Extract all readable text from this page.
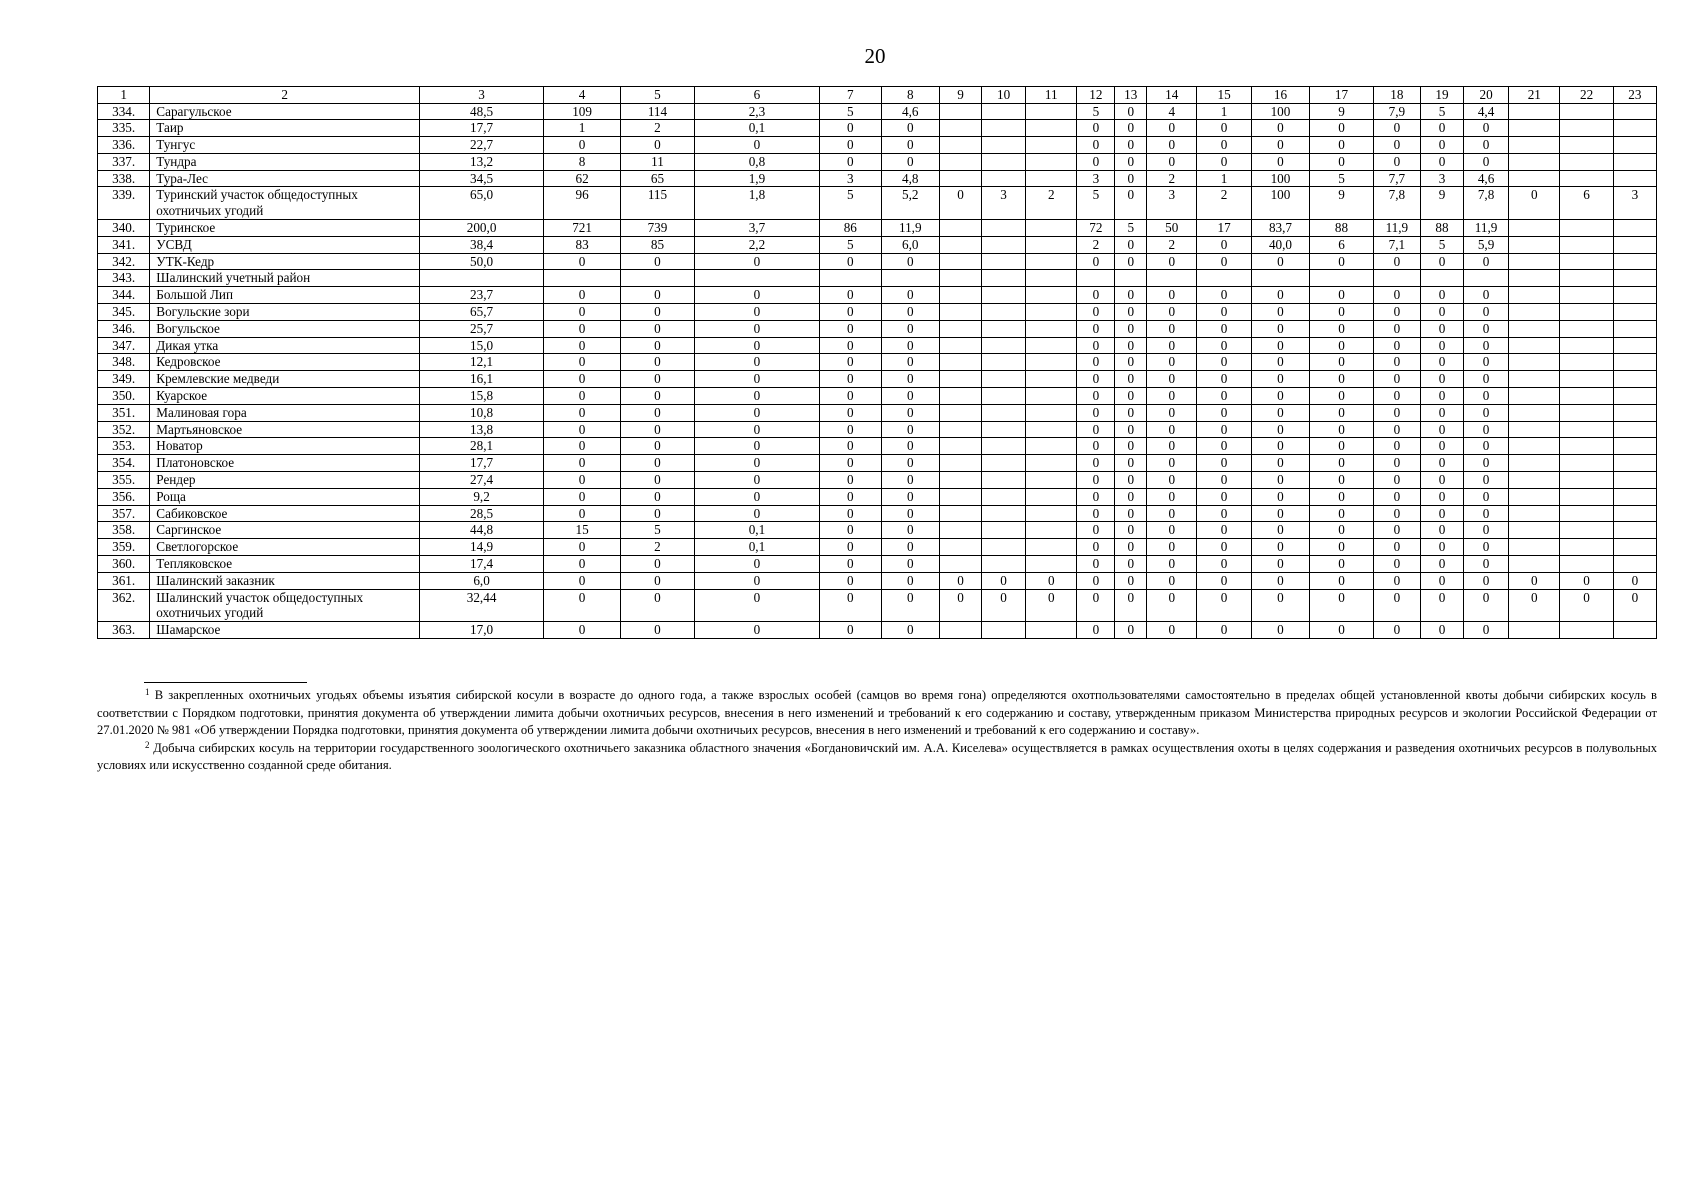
20
1	2	3	4	5	6	7	8	9	10	11	12	13	14	15	16	17	18	19	20	21	22	23
334.	Сарагульское	48,5	109	114	2,3	5	4,6				5	0	4	1	100	9	7,9	5	4,4			
335.	Таир	17,7	1	2	0,1	0	0				0	0	0	0	0	0	0	0	0			
336.	Тунгус	22,7	0	0	0	0	0				0	0	0	0	0	0	0	0	0			
337.	Тундра	13,2	8	11	0,8	0	0				0	0	0	0	0	0	0	0	0			
338.	Тура-Лес	34,5	62	65	1,9	3	4,8				3	0	2	1	100	5	7,7	3	4,6			
339.	Туринский участок общедоступных охотничьих угодий	65,0	96	115	1,8	5	5,2	0	3	2	5	0	3	2	100	9	7,8	9	7,8	0	6	3
340.	Туринское	200,0	721	739	3,7	86	11,9				72	5	50	17	83,7	88	11,9	88	11,9			
341.	УСВД	38,4	83	85	2,2	5	6,0				2	0	2	0	40,0	6	7,1	5	5,9			
342.	УТК-Кедр	50,0	0	0	0	0	0				0	0	0	0	0	0	0	0	0			
343.	Шалинский учетный район																					
344.	Большой Лип	23,7	0	0	0	0	0				0	0	0	0	0	0	0	0	0			
345.	Вогульские зори	65,7	0	0	0	0	0				0	0	0	0	0	0	0	0	0			
346.	Вогульское	25,7	0	0	0	0	0				0	0	0	0	0	0	0	0	0			
347.	Дикая утка	15,0	0	0	0	0	0				0	0	0	0	0	0	0	0	0			
348.	Кедровское	12,1	0	0	0	0	0				0	0	0	0	0	0	0	0	0			
349.	Кремлевские медведи	16,1	0	0	0	0	0				0	0	0	0	0	0	0	0	0			
350.	Куарское	15,8	0	0	0	0	0				0	0	0	0	0	0	0	0	0			
351.	Малиновая гора	10,8	0	0	0	0	0				0	0	0	0	0	0	0	0	0			
352.	Мартьяновское	13,8	0	0	0	0	0				0	0	0	0	0	0	0	0	0			
353.	Новатор	28,1	0	0	0	0	0				0	0	0	0	0	0	0	0	0			
354.	Платоновское	17,7	0	0	0	0	0				0	0	0	0	0	0	0	0	0			
355.	Рендер	27,4	0	0	0	0	0				0	0	0	0	0	0	0	0	0			
356.	Роща	9,2	0	0	0	0	0				0	0	0	0	0	0	0	0	0			
357.	Сабиковское	28,5	0	0	0	0	0				0	0	0	0	0	0	0	0	0			
358.	Саргинское	44,8	15	5	0,1	0	0				0	0	0	0	0	0	0	0	0			
359.	Светлогорское	14,9	0	2	0,1	0	0				0	0	0	0	0	0	0	0	0			
360.	Тепляковское	17,4	0	0	0	0	0				0	0	0	0	0	0	0	0	0			
361.	Шалинский заказник	6,0	0	0	0	0	0	0	0	0	0	0	0	0	0	0	0	0	0	0	0	0
362.	Шалинский участок общедоступных охотничьих угодий	32,44	0	0	0	0	0	0	0	0	0	0	0	0	0	0	0	0	0	0	0	0
363.	Шамарское	17,0	0	0	0	0	0				0	0	0	0	0	0	0	0	0			

$^1$ В закрепленных охотничьих угодьях объемы изъятия сибирской косули в возрасте до одного года, а также взрослых особей (самцов во время гона) определяются охотпользователями самостоятельно в пределах общей установленной квоты добычи сибирских косуль в соответствии с Порядком подготовки, принятия документа об утверждении лимита добычи охотничьих ресурсов, внесения в него изменений и требований к его содержанию и составу, утвержденным приказом Министерства природных ресурсов и экологии Российской Федерации от 27.01.2020 № 981 «Об утверждении Порядка подготовки, принятия документа об утверждении лимита добычи охотничьих ресурсов, внесения в него изменений и требований к его содержанию и составу».

$^2$ Добыча сибирских косуль на территории государственного зоологического охотничьего заказника областного значения «Богдановичский им. А.А. Киселева» осуществляется в рамках осуществления охоты в целях содержания и разведения охотничьих ресурсов в полувольных условиях или искусственно созданной среде обитания.
